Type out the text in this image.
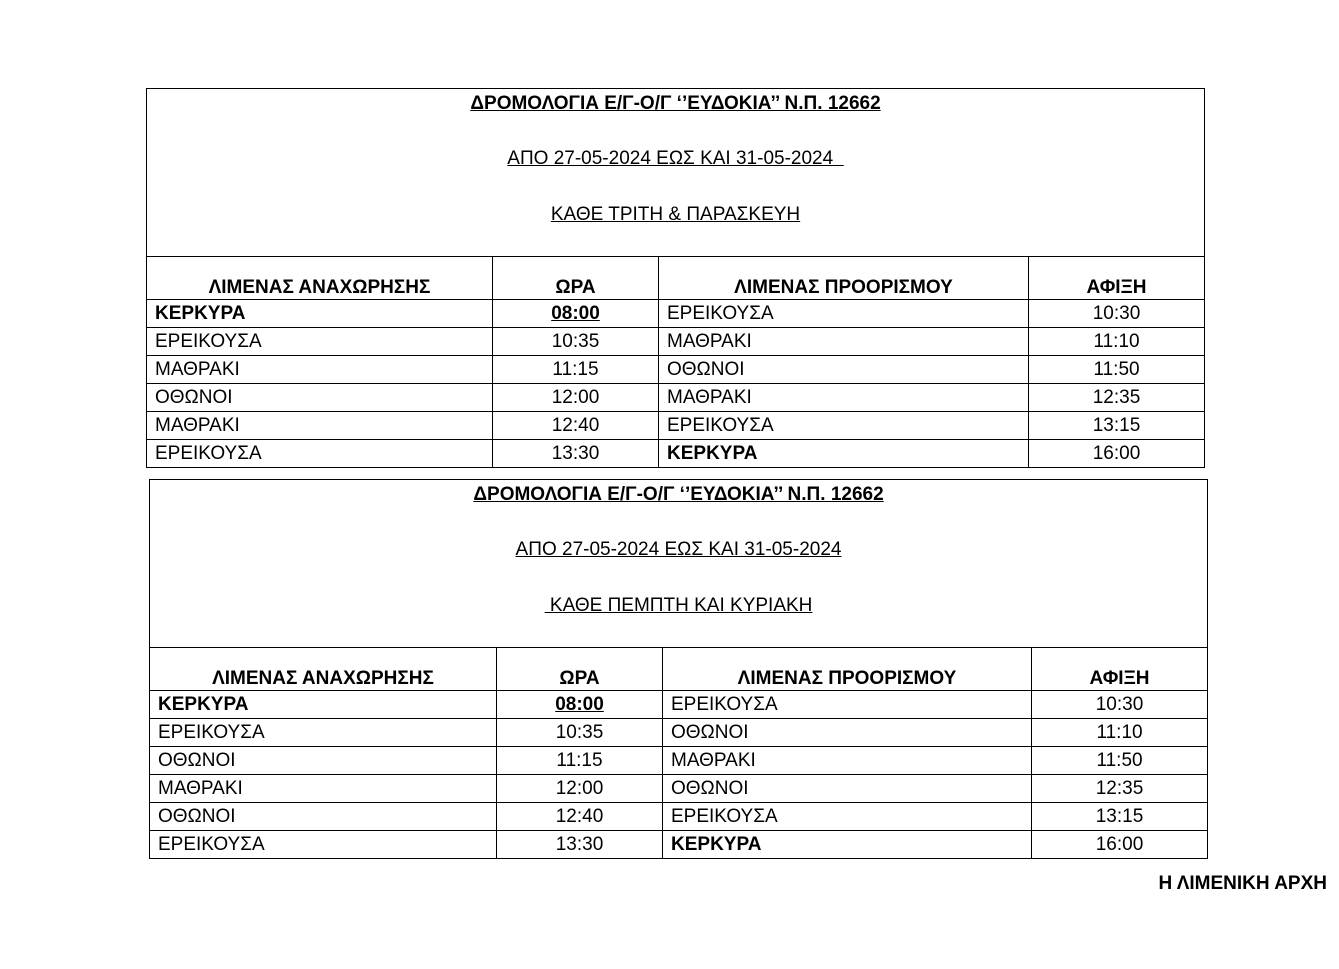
ΔΡΟΜΟΛΟΓΙΑ Ε/Γ-Ο/Γ ‘’ΕΥΔΟΚΙΑ’’ Ν.Π. 12662
ΑΠΟ 27-05-2024 ΕΩΣ ΚΑΙ 31-05-2024
ΚΑΘΕ ΤΡΙΤΗ & ΠΑΡΑΣΚΕΥΗ			

ΛΙΜΕΝΑΣ ΑΝΑΧΩΡΗΣΗΣ	ΩΡΑ	ΛΙΜΕΝΑΣ ΠΡΟΟΡΙΣΜΟΥ	ΑΦΙΞΗ
ΚΕΡΚΥΡΑ	08:00	ΕΡΕΙΚΟΥΣΑ	10:30
ΕΡΕΙΚΟΥΣΑ	10:35	ΜΑΘΡΑΚΙ	11:10
ΜΑΘΡΑΚΙ	11:15	ΟΘΩΝΟΙ	11:50
ΟΘΩΝΟΙ	12:00	ΜΑΘΡΑΚΙ	12:35
ΜΑΘΡΑΚΙ	12:40	ΕΡΕΙΚΟΥΣΑ	13:15
ΕΡΕΙΚΟΥΣΑ	13:30	ΚΕΡΚΥΡΑ	16:00
ΔΡΟΜΟΛΟΓΙΑ Ε/Γ-Ο/Γ ‘’ΕΥΔΟΚΙΑ’’ Ν.Π. 12662
ΑΠΟ 27-05-2024 ΕΩΣ ΚΑΙ 31-05-2024
ΚΑΘΕ ΠΕΜΠΤΗ ΚΑΙ ΚΥΡΙΑΚΗ			

ΛΙΜΕΝΑΣ ΑΝΑΧΩΡΗΣΗΣ	ΩΡΑ	ΛΙΜΕΝΑΣ ΠΡΟΟΡΙΣΜΟΥ	ΑΦΙΞΗ
ΚΕΡΚΥΡΑ	08:00	ΕΡΕΙΚΟΥΣΑ	10:30
ΕΡΕΙΚΟΥΣΑ	10:35	ΟΘΩΝΟΙ	11:10
ΟΘΩΝΟΙ	11:15	ΜΑΘΡΑΚΙ	11:50
ΜΑΘΡΑΚΙ	12:00	ΟΘΩΝΟΙ	12:35
ΟΘΩΝΟΙ	12:40	ΕΡΕΙΚΟΥΣΑ	13:15
ΕΡΕΙΚΟΥΣΑ	13:30	ΚΕΡΚΥΡΑ	16:00
Η ΛΙΜΕΝΙΚΗ ΑΡΧΗ
